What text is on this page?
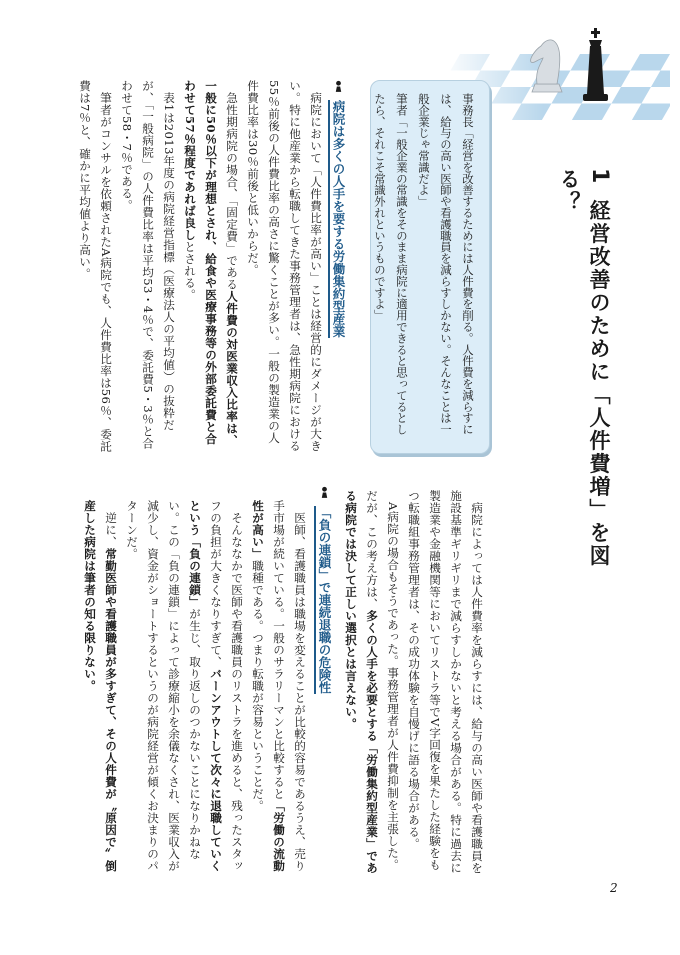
1経営改善のために「人件費増」を図る？

事務長「経営を改善するためには人件費を削る。人件費を減らすには、給与の高い医師や看護職員を減らすしかない。そんなことは一般企業じゃ常識だよ」

筆者「一般企業の常識をそのまま病院に適用できると思ってるとしたら、それこそ常識外れというものですよ」

病院によっては人件費率を減らすには、給与の高い医師や看護職員を施設基準ギリギリまで減らすしかないと考える場合がある。特に過去に製造業や金融機関等においてリストラ等でV字回復を果たした経験をもつ転職組事務管理者は、その成功体験を自慢げに語る場合がある。

A病院の場合もそうであった。事務管理者が人件費抑制を主張した。だが、この考え方は、多くの人手を必要とする「労働集約型産業」である病院では決して正しい選択とは言えない。

病院は多くの人手を要する労働集約型産業

病院において「人件費比率が高い」ことは経営的にダメージが大きい。特に他産業から転職してきた事務管理者は、急性期病院における55％前後の人件費比率の高さに驚くことが多い。一般の製造業の人件費比率は30％前後と低いからだ。

急性期病院の場合、「固定費」である人件費の対医業収入比率は、一般に50％以下が理想とされ、給食や医療事務等の外部委託費と合わせて57％程度であれば良しとされる。

表1は2013年度の病院経営指標（医療法人の平均値）の抜粋だが、「一般病院」の人件費比率は平均53・4％で、委託費5・3％と合わせて58・7％である。

筆者がコンサルを依頼されたA病院でも、人件費比率は56％、委託費は7％と、確かに平均値より高い。

「負の連鎖」で連続退職の危険性

医師、看護職員は職場を変えることが比較的容易であるうえ、売り手市場が続いている。一般のサラリーマンと比較すると「労働の流動性が高い」職種である。つまり転職が容易ということだ。

そんななかで医師や看護職員のリストラを進めると、残ったスタッフの負担が大きくなりすぎて、バーンアウトして次々に退職していくという「負の連鎖」が生じ、取り返しのつかないことになりかねない。この「負の連鎖」によって診療縮小を余儀なくされ、医業収入が減少し、資金がショートするというのが病院経営が傾くお決まりのパターンだ。

逆に、常勤医師や看護職員が多すぎて、その人件費が〝原因で〟倒産した病院は筆者の知る限りない。

2
